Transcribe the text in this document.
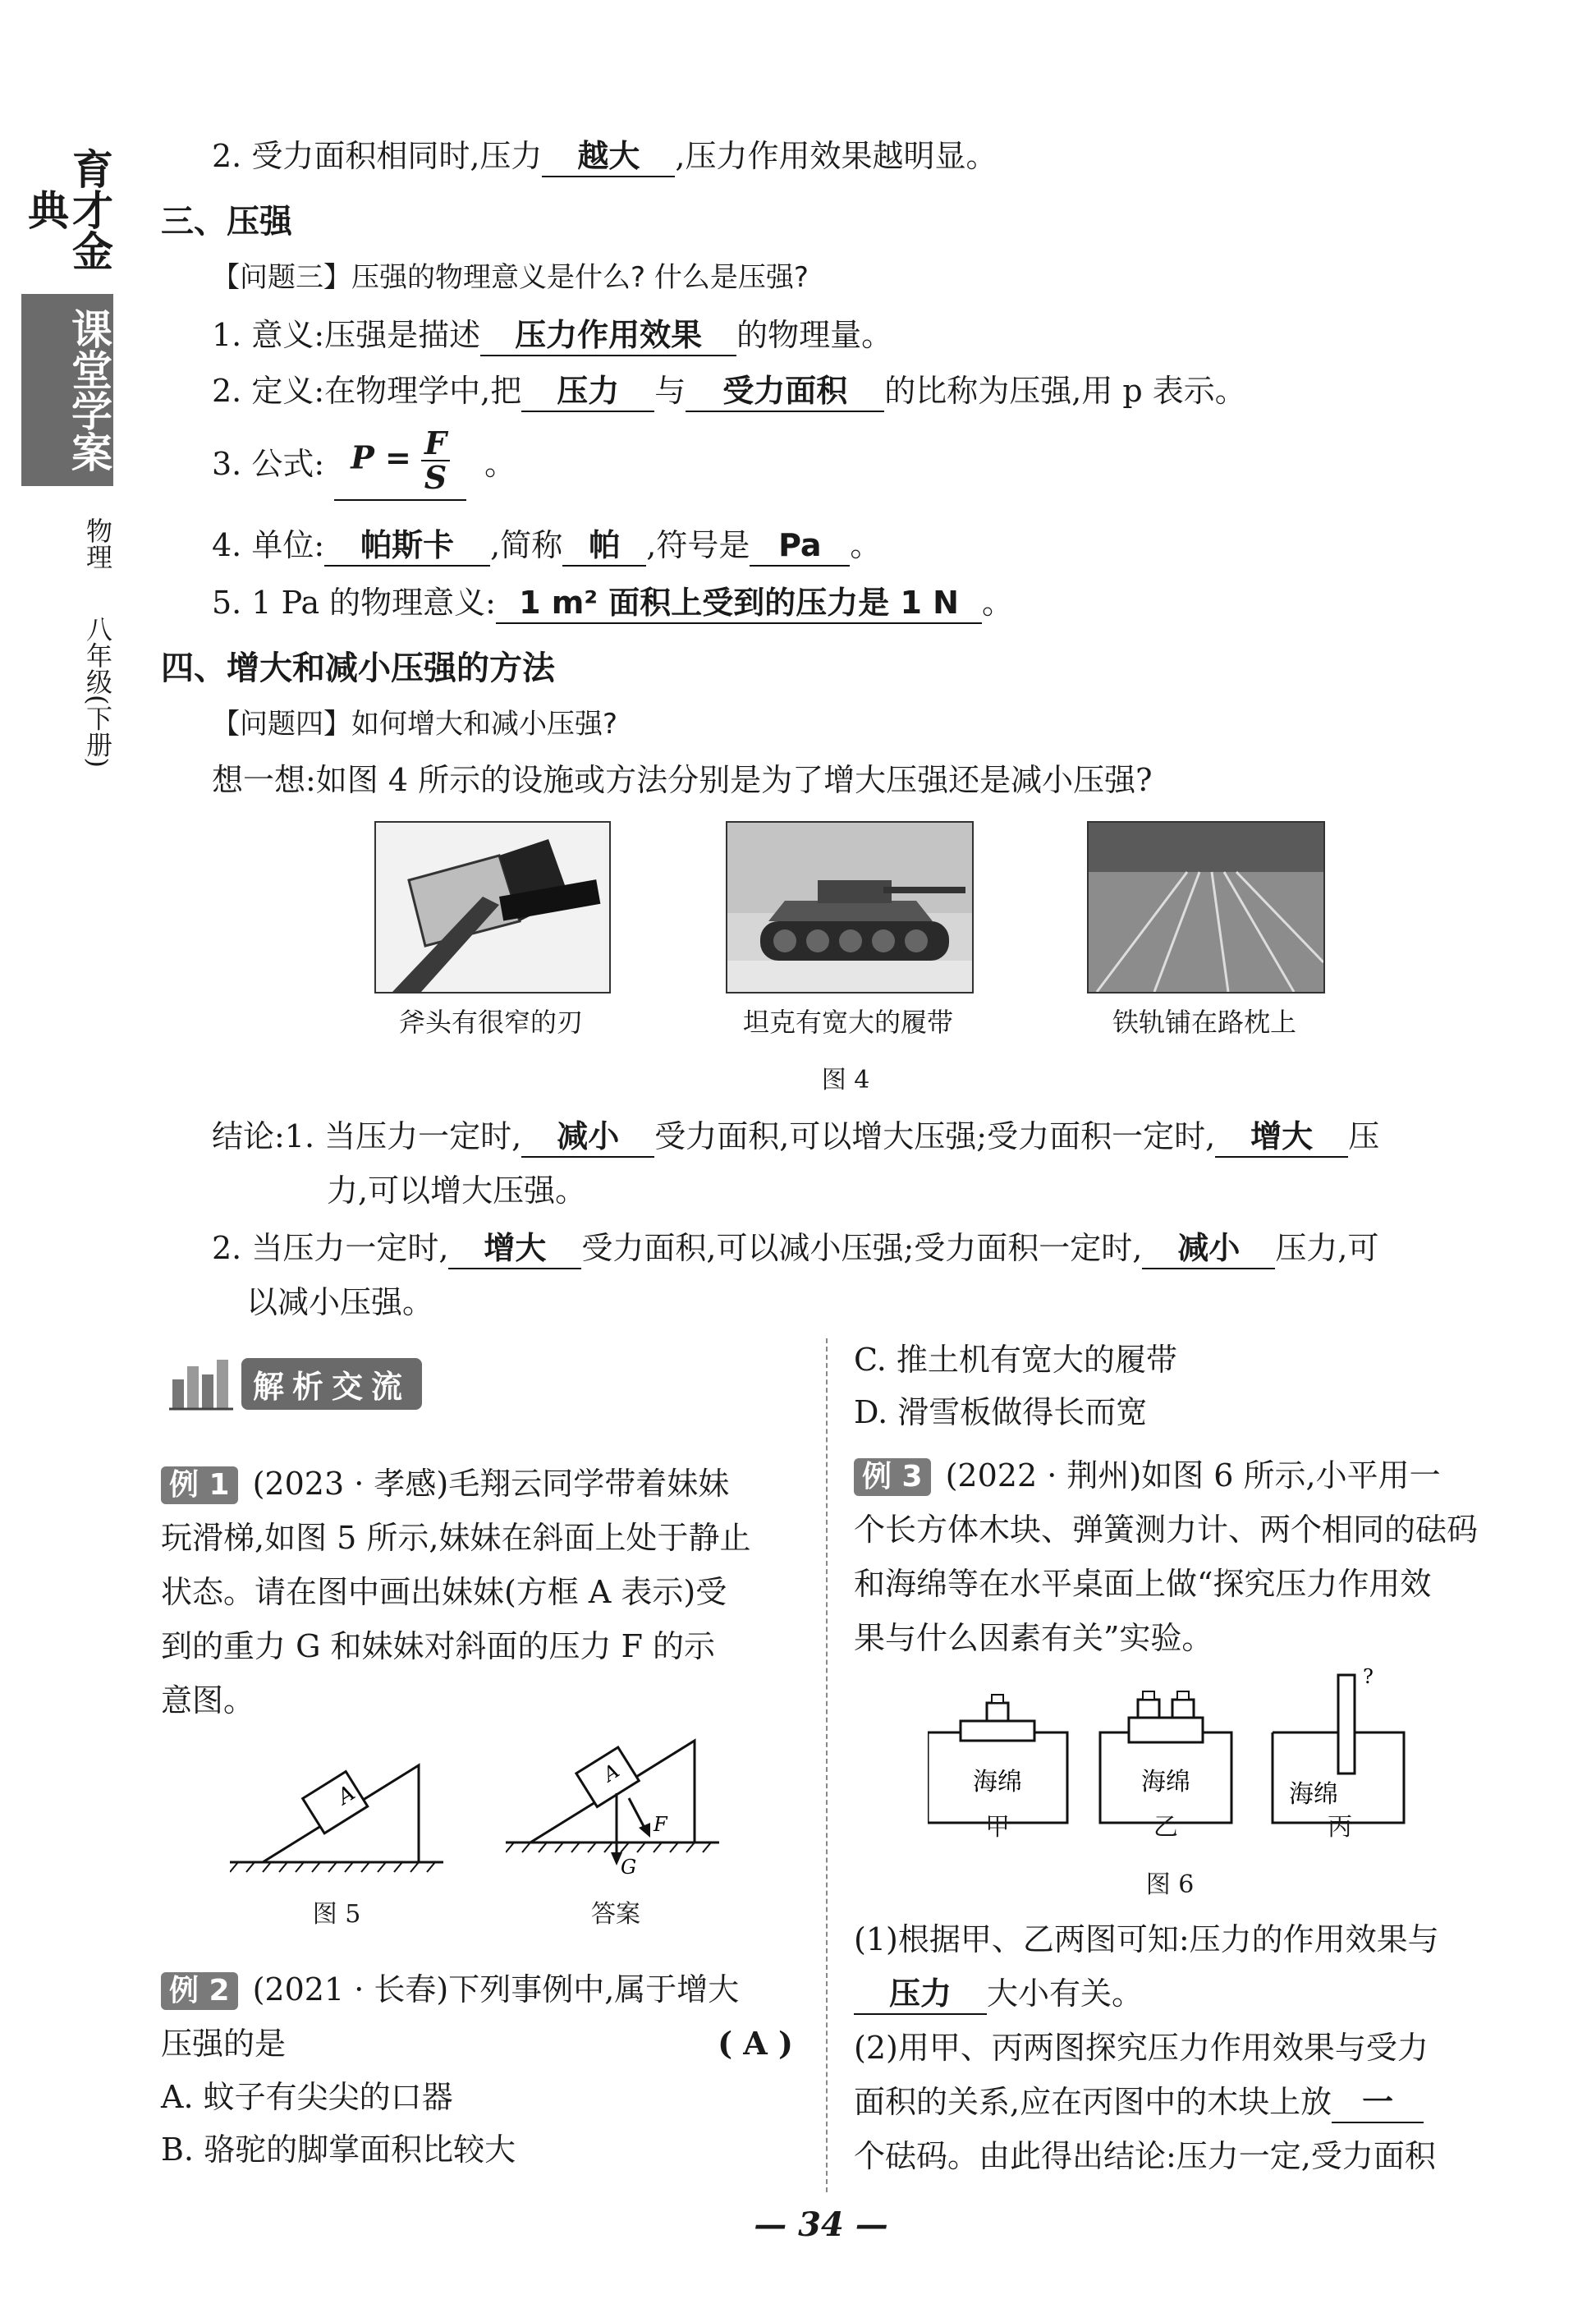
育才金典
课堂学案
物理
八年级(下册)
2. 受力面积相同时,压力 越大 ,压力作用效果越明显。
三、压强
【问题三】压强的物理意义是什么? 什么是压强?
1. 意义:压强是描述 压力作用效果 的物理量。
2. 定义:在物理学中,把 压力 与 受力面积 的比称为压强,用 p 表示。
3. 公式: $P = \frac{F}{S}$ 。
4. 单位: 帕斯卡 ,简称 帕 ,符号是 Pa 。
5. 1 Pa 的物理意义: 1 m² 面积上受到的压力是 1 N 。
四、增大和减小压强的方法
【问题四】如何增大和减小压强?
想一想:如图 4 所示的设施或方法分别是为了增大压强还是减小压强?
斧头有很窄的刃	坦克有宽大的履带	铁轨铺在路枕上
图 4
结论:1. 当压力一定时, 减小 受力面积,可以增大压强;受力面积一定时, 增大 压
力,可以增大压强。
2. 当压力一定时, 增大 受力面积,可以减小压强;受力面积一定时, 减小 压力,可
以减小压强。
解析交流
例 1 (2023 · 孝感)毛翔云同学带着妹妹
玩滑梯,如图 5 所示,妹妹在斜面上处于静止
状态。请在图中画出妹妹(方框 A 表示)受
到的重力 G 和妹妹对斜面的压力 F 的示
意图。
A
图 5
A
F
G
答案
例 2 (2021 · 长春)下列事例中,属于增大
压强的是	( A )
A. 蚊子有尖尖的口器
B. 骆驼的脚掌面积比较大
C. 推土机有宽大的履带
D. 滑雪板做得长而宽
例 3 (2022 · 荆州)如图 6 所示,小平用一
个长方体木块、弹簧测力计、两个相同的砝码
和海绵等在水平桌面上做“探究压力作用效
果与什么因素有关”实验。
海绵	海绵
?
海绵
甲	乙	丙
图 6
(1)根据甲、乙两图可知:压力的作用效果与
压力 大小有关。
(2)用甲、丙两图探究压力作用效果与受力
面积的关系,应在丙图中的木块上放 一
个砝码。由此得出结论:压力一定,受力面积
— 34 —
